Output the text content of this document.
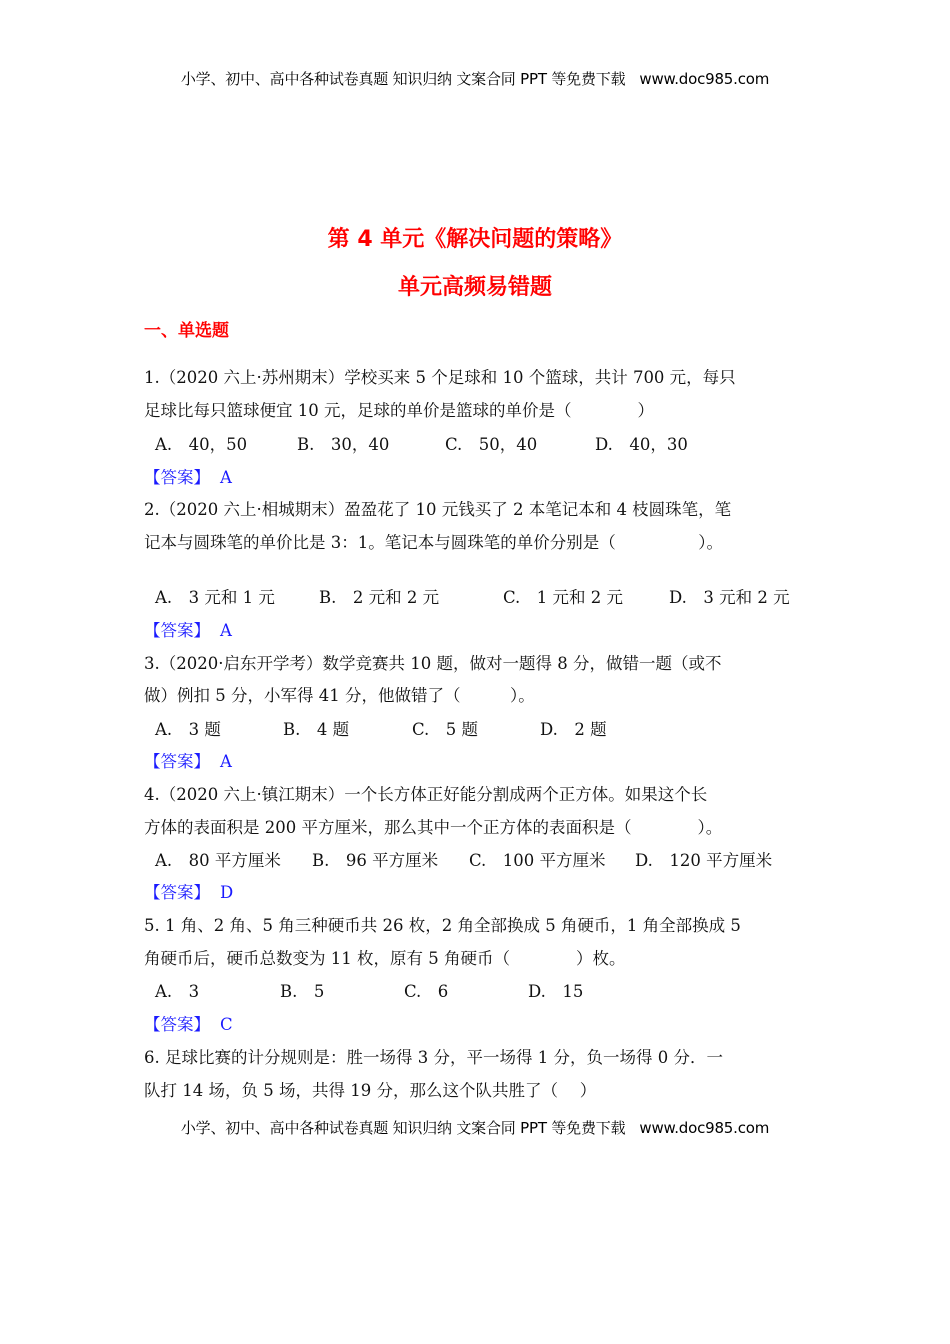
小学、初中、高中各种试卷真题 知识归纳 文案合同 PPT 等免费下载 www.doc985.com
第 4 单元《解决问题的策略》
单元高频易错题
一、单选题
1.（2020 六上·苏州期末）学校买来 5 个足球和 10 个篮球，共计 700 元，每只
足球比每只篮球便宜 10 元，足球的单价是篮球的单价是（　　　　）
A.　40，50	B.　30，40	C.　50，40	D.　40，30
【答案】 A
2.（2020 六上·相城期末）盈盈花了 10 元钱买了 2 本笔记本和 4 枝圆珠笔，笔
记本与圆珠笔的单价比是 3：1。笔记本与圆珠笔的单价分别是（　　　　　）。
A.　3 元和 1 元	B.　2 元和 2 元	C.　1 元和 2 元	D.　3 元和 2 元
【答案】 A
3.（2020·启东开学考）数学竞赛共 10 题，做对一题得 8 分，做错一题（或不
做）例扣 5 分，小军得 41 分，他做错了（　　　）。
A.　3 题	B.　4 题	C.　5 题	D.　2 题
【答案】 A
4.（2020 六上·镇江期末）一个长方体正好能分割成两个正方体。如果这个长
方体的表面积是 200 平方厘米，那么其中一个正方体的表面积是（　　　　）。
A.　80 平方厘米	B.　96 平方厘米	C.　100 平方厘米	D.　120 平方厘米
【答案】 D
5. 1 角、2 角、5 角三种硬币共 26 枚，2 角全部换成 5 角硬币，1 角全部换成 5
角硬币后，硬币总数变为 11 枚，原有 5 角硬币（　　　　）枚。
A.　3	B.　5	C.　6	D.　15
【答案】 C
6. 足球比赛的计分规则是：胜一场得 3 分，平一场得 1 分，负一场得 0 分．一
队打 14 场，负 5 场，共得 19 分，那么这个队共胜了（　 ）
小学、初中、高中各种试卷真题 知识归纳 文案合同 PPT 等免费下载 www.doc985.com
